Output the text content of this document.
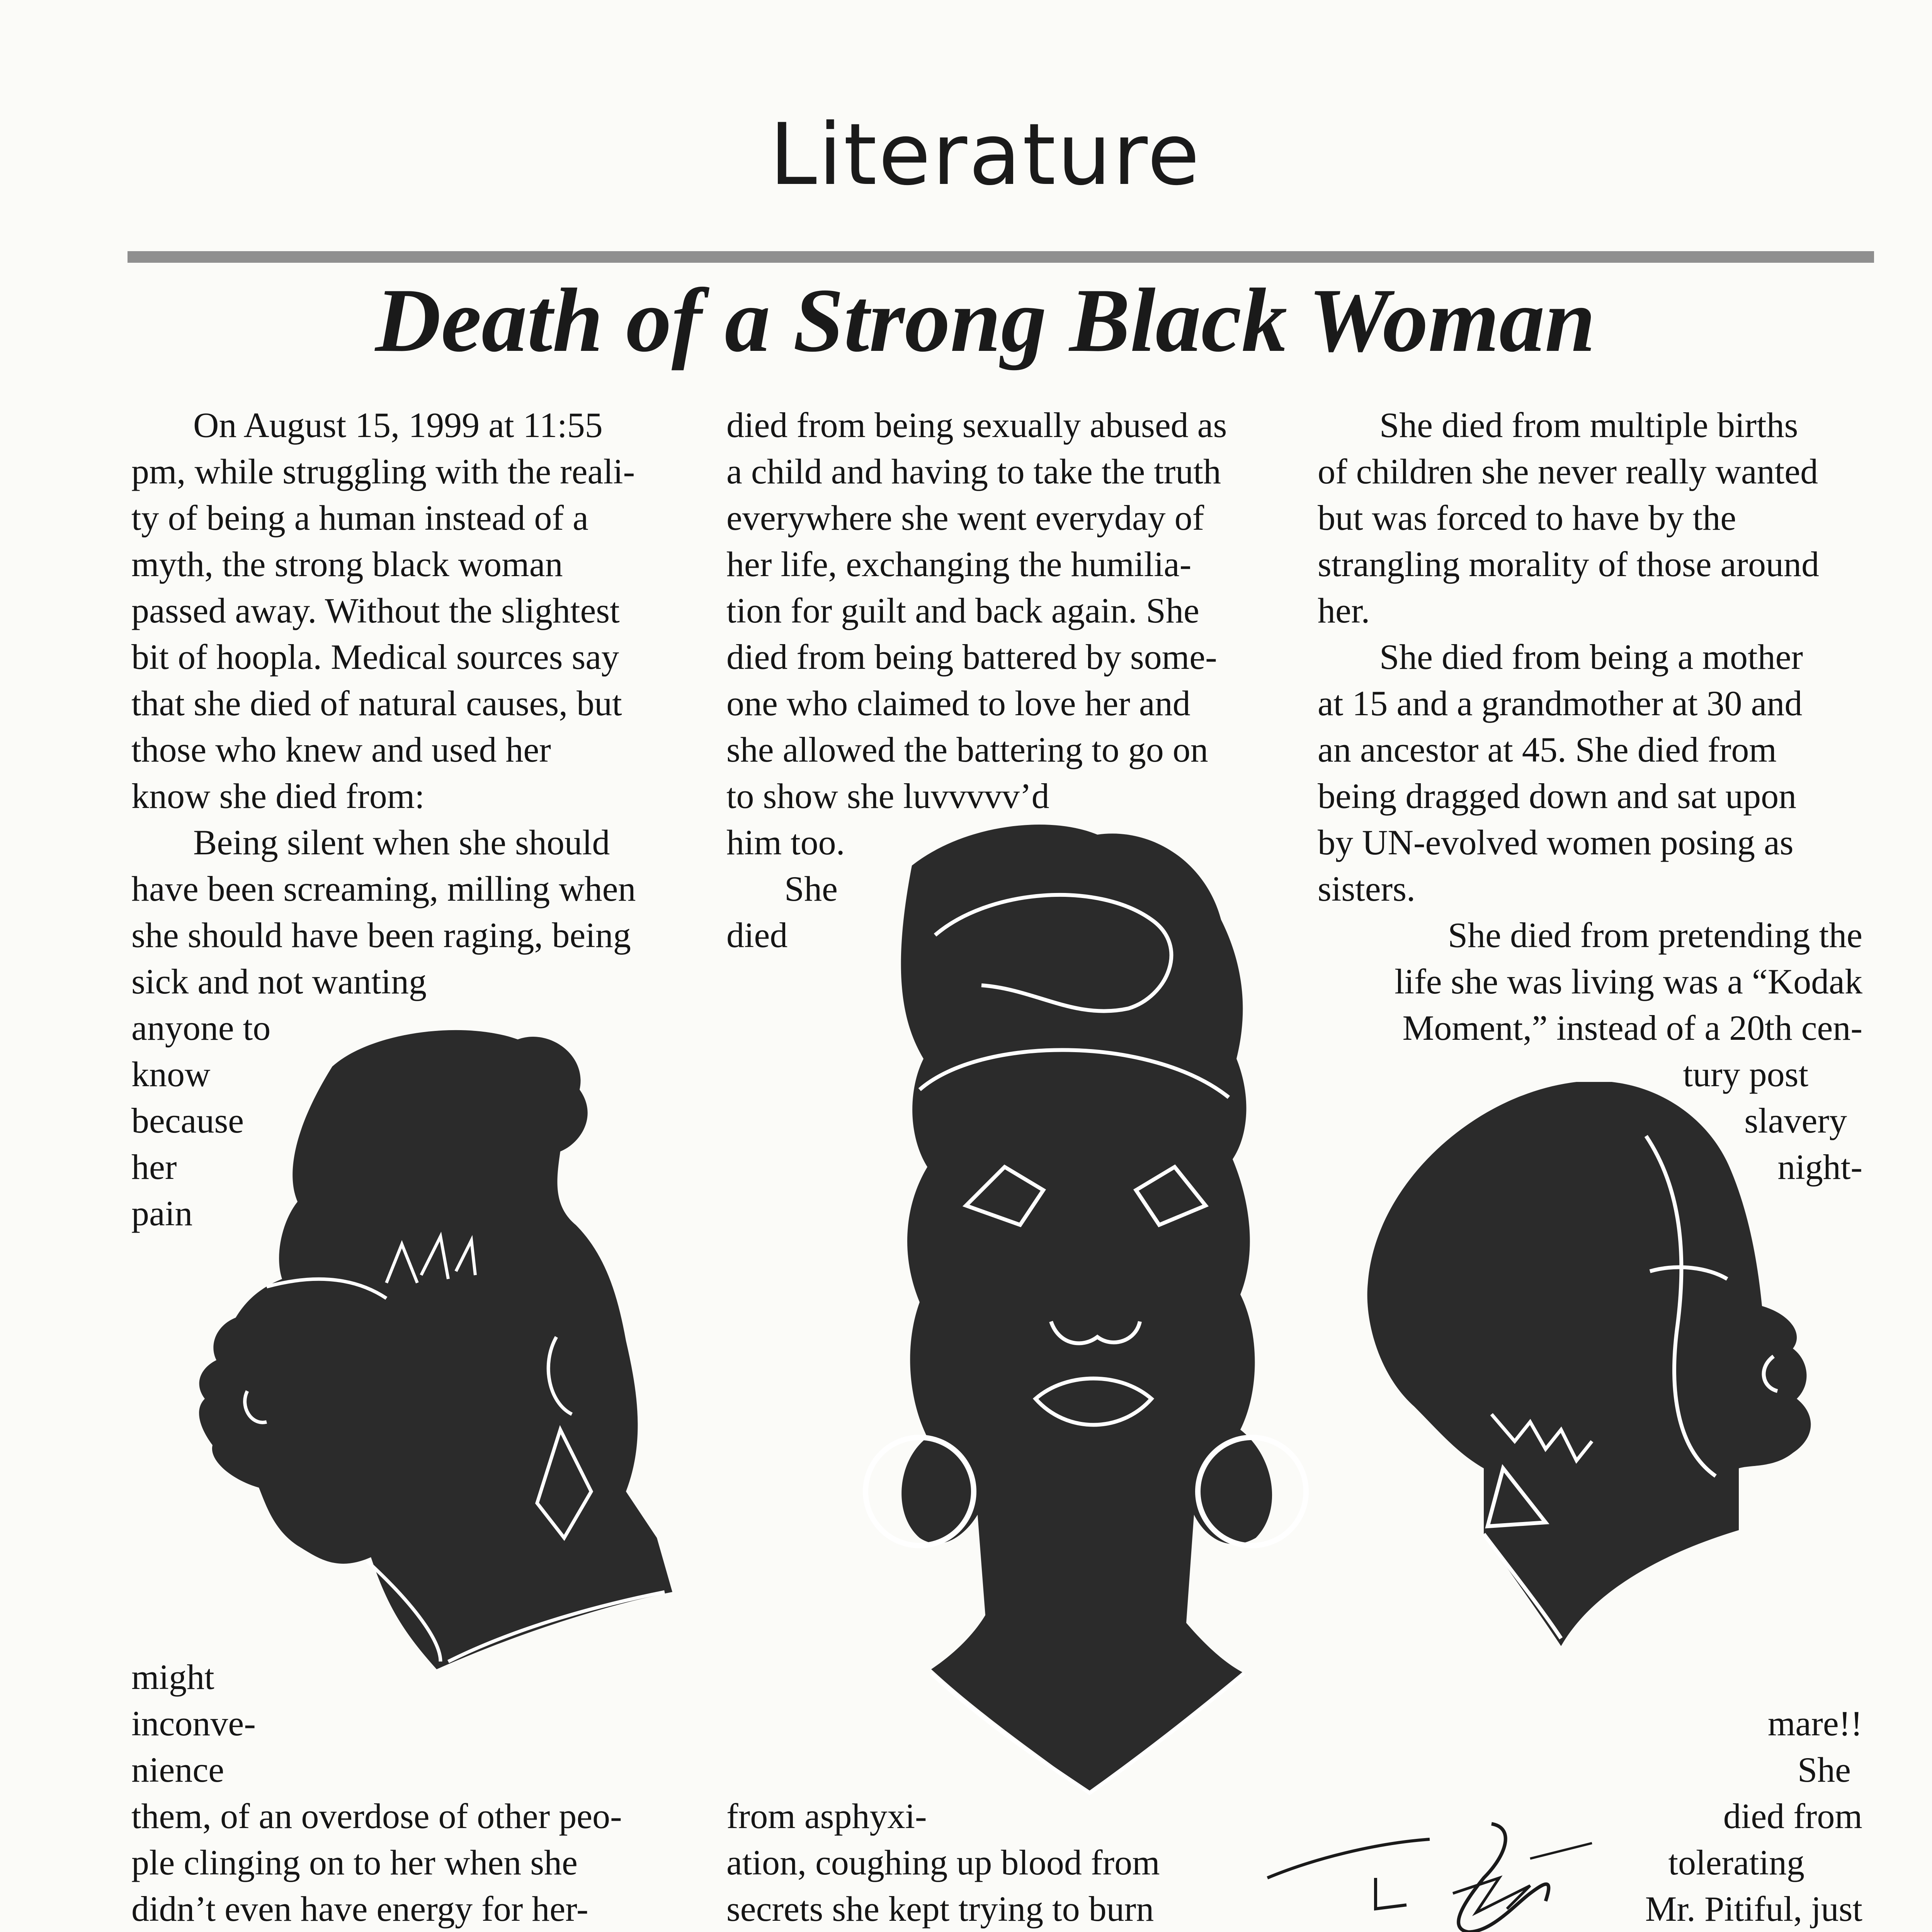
Literature
Death of a Strong Black Woman

On August 15, 1999 at 11:55
pm, while struggling with the reali-
ty of being a human instead of a
myth, the strong black woman
passed away. Without the slightest
bit of hoopla. Medical sources say
that she died of natural causes, but
those who knew and used her
know she died from:
Being silent when she should
have been screaming, milling when
she should have been raging, being
sick and not wanting

anyone to
know
because
her
pain
might
inconve-
nience
them, of an overdose of other peo-
ple clinging on to her when she
didn’t even have energy for her-
died from being sexually abused as
a child and having to take the truth
everywhere she went everyday of
her life, exchanging the humilia-
tion for guilt and back again. She
died from being battered by some-
one who claimed to love her and
she allowed the battering to go on
to show she luvvvvv’d
him too.
She
died
from asphyxi-
ation, coughing up blood from
secrets she kept trying to burn
She died from multiple births
of children she never really wanted
but was forced to have by the
strangling morality of those around
her.
She died from being a mother
at 15 and a grandmother at 30 and
an ancestor at 45. She died from
being dragged down and sat upon
by UN-evolved women posing as
sisters.
She died from pretending the
life she was living was a “Kodak
Moment,” instead of a 20th cen-
tury post
slavery
night-
mare!!
She
died from
tolerating
Mr. Pitiful, just
